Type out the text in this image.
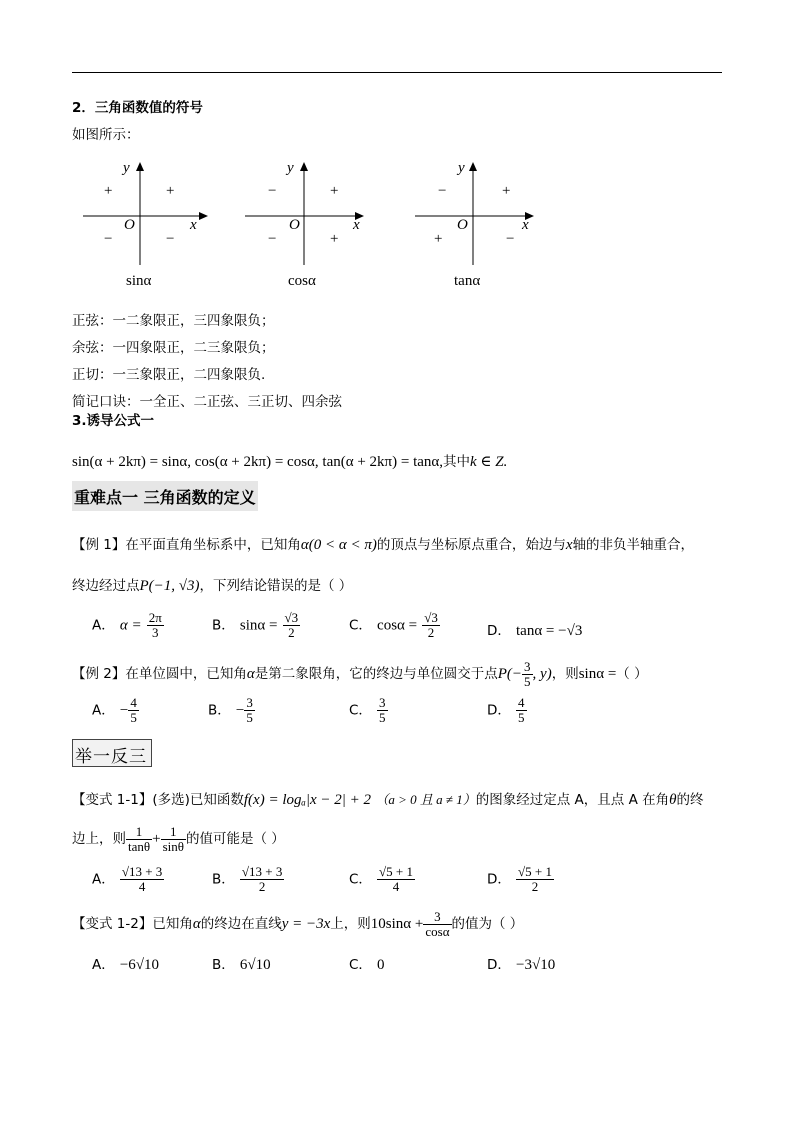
2．三角函数值的符号
如图所示：
y
x
O
+	+
−	−
sinα
y
x
O
−	+
−	+
cosα
y
x
O
−	+
+	−
tanα
正弦：一二象限正，三四象限负；
余弦：一四象限正，二三象限负；
正切：一三象限正，二四象限负.
简记口诀：一全正、二正弦、三正切、四余弦
3.诱导公式一
sin(α + 2kπ) = sinα, cos(α + 2kπ) = cosα, tan(α + 2kπ) = tanα,其中k ∈ Z.
重难点一 三角函数的定义
【例 1】在平面直角坐标系中，已知角α(0 < α < π)的顶点与坐标原点重合，始边与x轴的非负半轴重合，
终边经过点P(−1, √3)，下列结论错误的是（ ）
A． $\alpha = \frac{2\pi}{3}$	B． $\sin\alpha = \frac{√3}{2}$	C． $\cos\alpha = \frac{√3}{2}$	D． tanα = −√3
【例 2】在单位圆中，已知角α是第二象限角，它的终边与单位圆交于点$P(- \frac{3}{5}$ , y)，则sinα =（ ）
A． − $\frac{4}{5}$	B． − $\frac{3}{5}$	C． $\frac{3}{5}$	D． $\frac{4}{5}$
举一反三
【变式 1-1】(多选)已知函数f(x) = logₐ|x − 2| + 2 （a > 0 且 a ≠ 1）的图象经过定点 A，且点 A 在角θ的终
边上，则 $\frac{1}{\tan\theta} + \frac{1}{\sin\theta}$ 的值可能是（ ）
A． $\frac{√13 + 3}{4}$	B． $\frac{√13 + 3}{2}$	C． $\frac{√5 + 1}{4}$	D． $\frac{√5 + 1}{2}$
【变式 1-2】已知角α的终边在直线y = −3x上，则$10\sin\alpha + \frac{3}{\cos\alpha}$ 的值为（ ）
A． −6√10	B． 6√10	C． 0	D． −3√10
